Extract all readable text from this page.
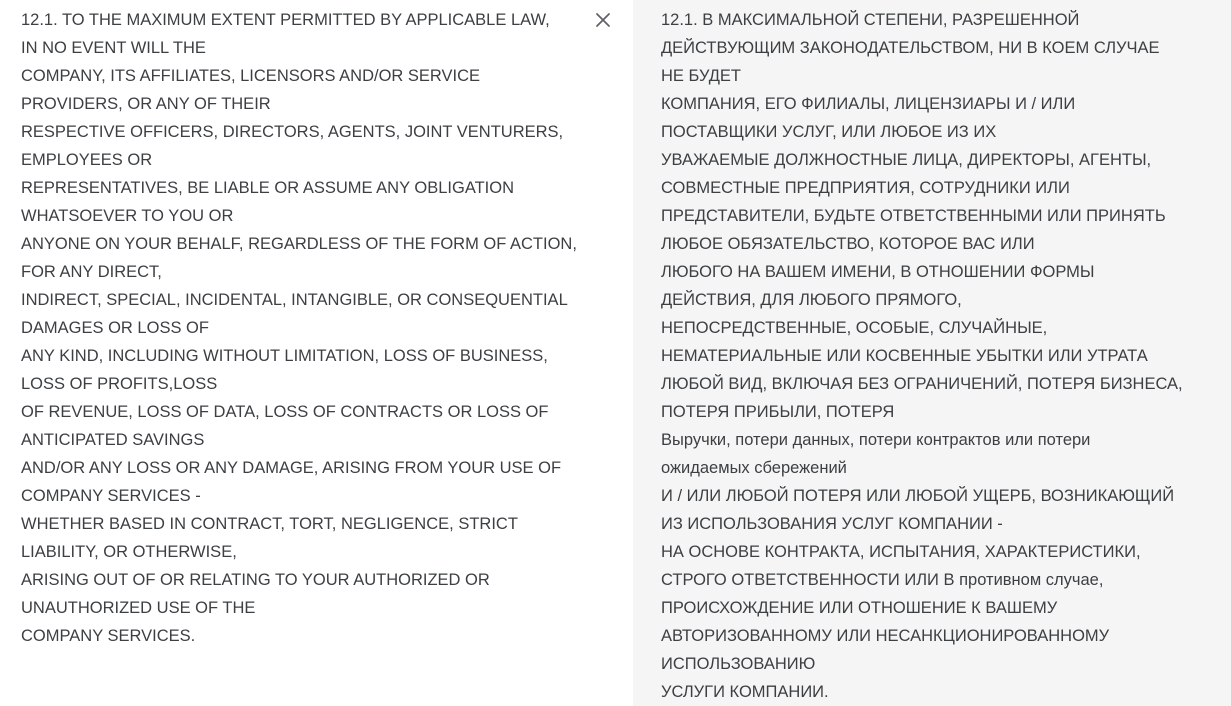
12.1. TO THE MAXIMUM EXTENT PERMITTED BY APPLICABLE LAW,
IN NO EVENT WILL THE
COMPANY, ITS AFFILIATES, LICENSORS AND/OR SERVICE
PROVIDERS, OR ANY OF THEIR
RESPECTIVE OFFICERS, DIRECTORS, AGENTS, JOINT VENTURERS,
EMPLOYEES OR
REPRESENTATIVES, BE LIABLE OR ASSUME ANY OBLIGATION
WHATSOEVER TO YOU OR
ANYONE ON YOUR BEHALF, REGARDLESS OF THE FORM OF ACTION,
FOR ANY DIRECT,
INDIRECT, SPECIAL, INCIDENTAL, INTANGIBLE, OR CONSEQUENTIAL
DAMAGES OR LOSS OF
ANY KIND, INCLUDING WITHOUT LIMITATION, LOSS OF BUSINESS,
LOSS OF PROFITS,LOSS
OF REVENUE, LOSS OF DATA, LOSS OF CONTRACTS OR LOSS OF
ANTICIPATED SAVINGS
AND/OR ANY LOSS OR ANY DAMAGE, ARISING FROM YOUR USE OF
COMPANY SERVICES -
WHETHER BASED IN CONTRACT, TORT, NEGLIGENCE, STRICT
LIABILITY, OR OTHERWISE,
ARISING OUT OF OR RELATING TO YOUR AUTHORIZED OR
UNAUTHORIZED USE OF THE
COMPANY SERVICES.
12.1. В МАКСИМАЛЬНОЙ СТЕПЕНИ, РАЗРЕШЕННОЙ
ДЕЙСТВУЮЩИМ ЗАКОНОДАТЕЛЬСТВОМ, НИ В КОЕМ СЛУЧАЕ
НЕ БУДЕТ
КОМПАНИЯ, ЕГО ФИЛИАЛЫ, ЛИЦЕНЗИАРЫ И / ИЛИ
ПОСТАВЩИКИ УСЛУГ, ИЛИ ЛЮБОЕ ИЗ ИХ
УВАЖАЕМЫЕ ДОЛЖНОСТНЫЕ ЛИЦА, ДИРЕКТОРЫ, АГЕНТЫ,
СОВМЕСТНЫЕ ПРЕДПРИЯТИЯ, СОТРУДНИКИ ИЛИ
ПРЕДСТАВИТЕЛИ, БУДЬТЕ ОТВЕТСТВЕННЫМИ ИЛИ ПРИНЯТЬ
ЛЮБОЕ ОБЯЗАТЕЛЬСТВО, КОТОРОЕ ВАС ИЛИ
ЛЮБОГО НА ВАШЕМ ИМЕНИ, В ОТНОШЕНИИ ФОРМЫ
ДЕЙСТВИЯ, ДЛЯ ЛЮБОГО ПРЯМОГО,
НЕПОСРЕДСТВЕННЫЕ, ОСОБЫЕ, СЛУЧАЙНЫЕ,
НЕМАТЕРИАЛЬНЫЕ ИЛИ КОСВЕННЫЕ УБЫТКИ ИЛИ УТРАТА
ЛЮБОЙ ВИД, ВКЛЮЧАЯ БЕЗ ОГРАНИЧЕНИЙ, ПОТЕРЯ БИЗНЕСА,
ПОТЕРЯ ПРИБЫЛИ, ПОТЕРЯ
Выручки, потери данных, потери контрактов или потери
ожидаемых сбережений
И / ИЛИ ЛЮБОЙ ПОТЕРЯ ИЛИ ЛЮБОЙ УЩЕРБ, ВОЗНИКАЮЩИЙ
ИЗ ИСПОЛЬЗОВАНИЯ УСЛУГ КОМПАНИИ -
НА ОСНОВЕ КОНТРАКТА, ИСПЫТАНИЯ, ХАРАКТЕРИСТИКИ,
СТРОГО ОТВЕТСТВЕННОСТИ ИЛИ В противном случае,
ПРОИСХОЖДЕНИЕ ИЛИ ОТНОШЕНИЕ К ВАШЕМУ
АВТОРИЗОВАННОМУ ИЛИ НЕСАНКЦИОНИРОВАННОМУ
ИСПОЛЬЗОВАНИЮ
УСЛУГИ КОМПАНИИ.
